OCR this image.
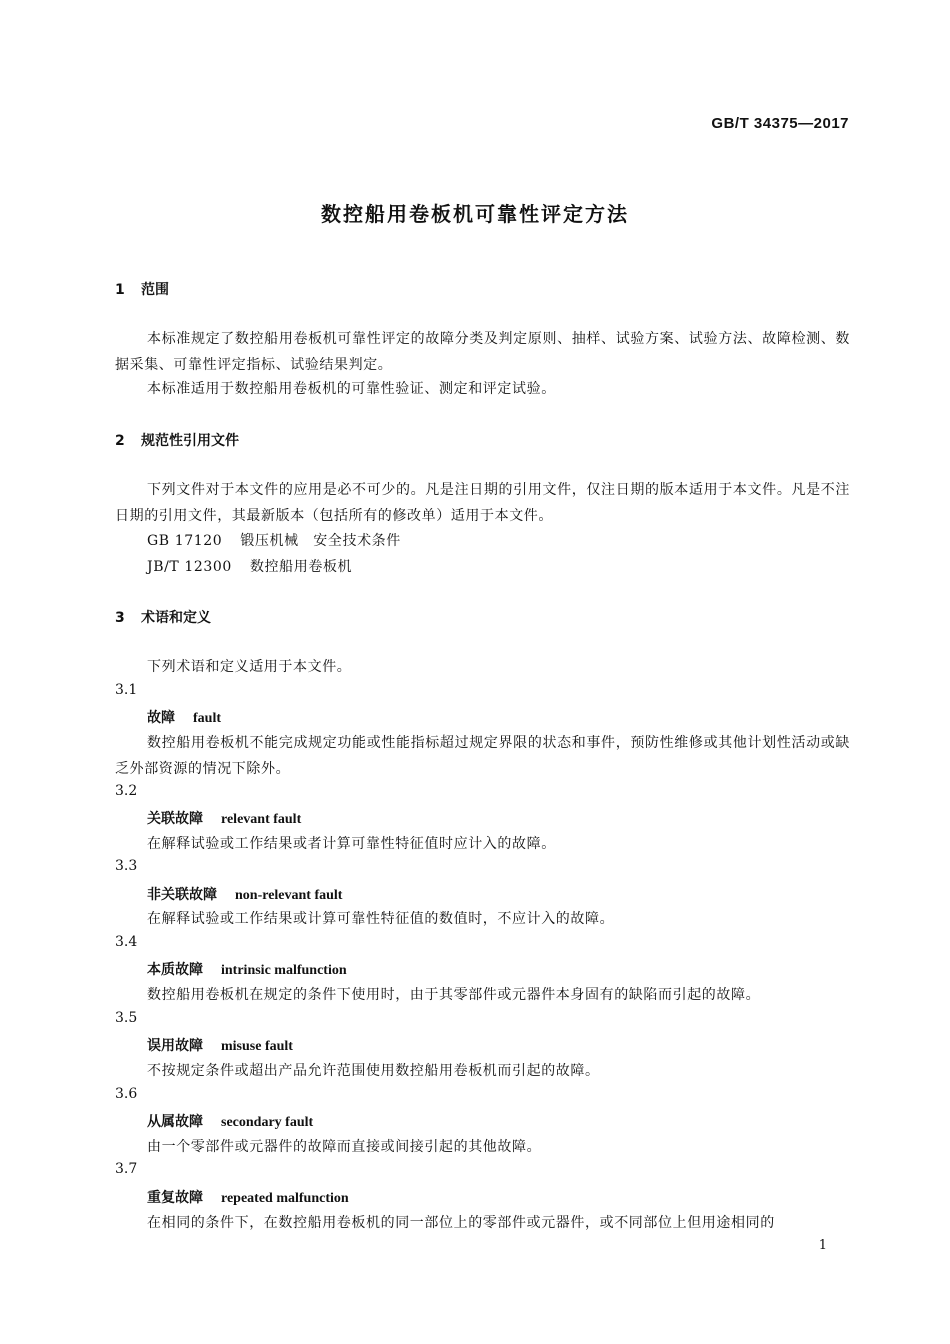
GB/T 34375—2017
数控船用卷板机可靠性评定方法
1 范围
本标准规定了数控船用卷板机可靠性评定的故障分类及判定原则、抽样、试验方案、试验方法、故障检测、数据采集、可靠性评定指标、试验结果判定。
本标准适用于数控船用卷板机的可靠性验证、测定和评定试验。
2 规范性引用文件
下列文件对于本文件的应用是必不可少的。凡是注日期的引用文件，仅注日期的版本适用于本文件。凡是不注日期的引用文件，其最新版本（包括所有的修改单）适用于本文件。
GB 17120 锻压机械　安全技术条件
JB/T 12300 数控船用卷板机
3 术语和定义
下列术语和定义适用于本文件。
3.1
故障 fault
数控船用卷板机不能完成规定功能或性能指标超过规定界限的状态和事件，预防性维修或其他计划性活动或缺乏外部资源的情况下除外。
3.2
关联故障 relevant fault
在解释试验或工作结果或者计算可靠性特征值时应计入的故障。
3.3
非关联故障 non-relevant fault
在解释试验或工作结果或计算可靠性特征值的数值时，不应计入的故障。
3.4
本质故障 intrinsic malfunction
数控船用卷板机在规定的条件下使用时，由于其零部件或元器件本身固有的缺陷而引起的故障。
3.5
误用故障 misuse fault
不按规定条件或超出产品允许范围使用数控船用卷板机而引起的故障。
3.6
从属故障 secondary fault
由一个零部件或元器件的故障而直接或间接引起的其他故障。
3.7
重复故障 repeated malfunction
在相同的条件下，在数控船用卷板机的同一部位上的零部件或元器件，或不同部位上但用途相同的
1
